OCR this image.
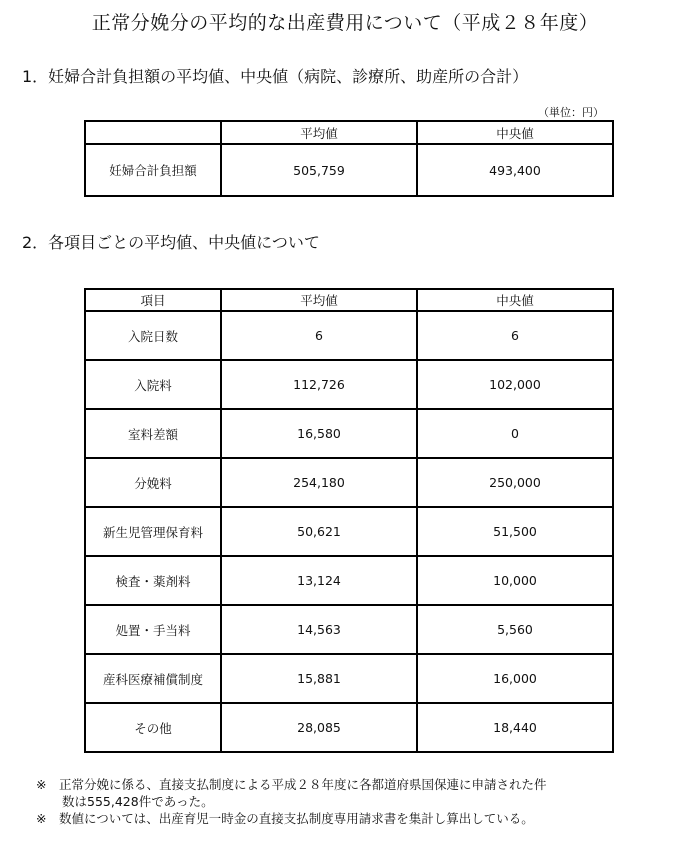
正常分娩分の平均的な出産費用について（平成２８年度）
1．妊婦合計負担額の平均値、中央値（病院、診療所、助産所の合計）
（単位：円）
	平均値	中央値
妊婦合計負担額	505,759	493,400
2．各項目ごとの平均値、中央値について
項目	平均値	中央値
入院日数	6	6
入院料	112,726	102,000
室料差額	16,580	0
分娩料	254,180	250,000
新生児管理保育料	50,621	51,500
検査・薬剤料	13,124	10,000
処置・手当料	14,563	5,560
産科医療補償制度	15,881	16,000
その他	28,085	18,440
※　正常分娩に係る、直接支払制度による平成２８年度に各都道府県国保連に申請された件
数は555,428件であった。
※　数値については、出産育児一時金の直接支払制度専用請求書を集計し算出している。
